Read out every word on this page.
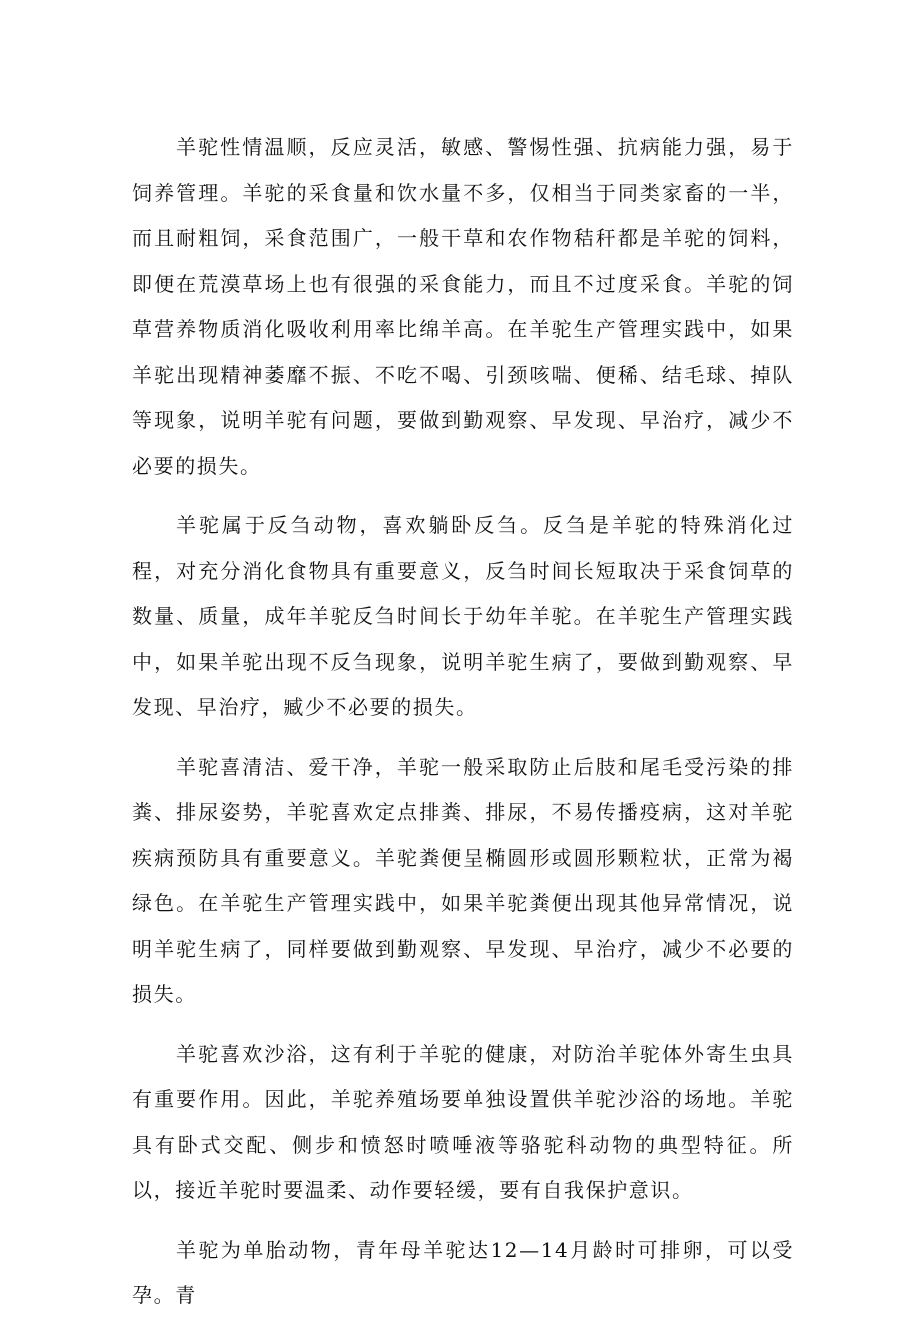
羊驼性情温顺，反应灵活，敏感、警惕性强、抗病能力强，易于饲养管理。羊驼的采食量和饮水量不多，仅相当于同类家畜的一半，而且耐粗饲，采食范围广，一般干草和农作物秸秆都是羊驼的饲料，即便在荒漠草场上也有很强的采食能力，而且不过度采食。羊驼的饲草营养物质消化吸收利用率比绵羊高。在羊驼生产管理实践中，如果羊驼出现精神萎靡不振、不吃不喝、引颈咳喘、便稀、结毛球、掉队等现象，说明羊驼有问题，要做到勤观察、早发现、早治疗，减少不必要的损失。

羊驼属于反刍动物，喜欢躺卧反刍。反刍是羊驼的特殊消化过程，对充分消化食物具有重要意义，反刍时间长短取决于采食饲草的数量、质量，成年羊驼反刍时间长于幼年羊驼。在羊驼生产管理实践中，如果羊驼出现不反刍现象，说明羊驼生病了，要做到勤观察、早发现、早治疗，臧少不必要的损失。

羊驼喜清洁、爱干净，羊驼一般采取防止后肢和尾毛受污染的排粪、排尿姿势，羊驼喜欢定点排粪、排尿，不易传播疫病，这对羊驼疾病预防具有重要意义。羊驼粪便呈椭圆形或圆形颗粒状，正常为褐绿色。在羊驼生产管理实践中，如果羊驼粪便出现其他异常情况，说明羊驼生病了，同样要做到勤观察、早发现、早治疗，减少不必要的损失。

羊驼喜欢沙浴，这有利于羊驼的健康，对防治羊驼体外寄生虫具有重要作用。因此，羊驼养殖场要单独设置供羊驼沙浴的场地。羊驼具有卧式交配、侧步和愤怒时喷唾液等骆驼科动物的典型特征。所以，接近羊驼时要温柔、动作要轻缓，要有自我保护意识。

羊驼为单胎动物，青年母羊驼达12—14月龄时可排卵，可以受孕。青
